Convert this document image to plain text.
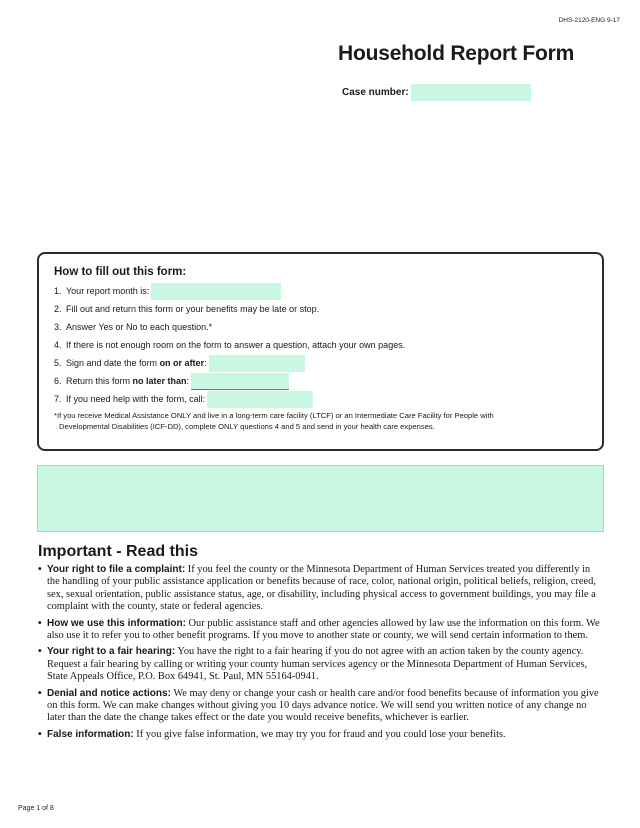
DHS-2120-ENG 9-17
Household Report Form
Case number:
How to fill out this form:
1. Your report month is:
2. Fill out and return this form or your benefits may be late or stop.
3. Answer Yes or No to each question.*
4. If there is not enough room on the form to answer a question, attach your own pages.
5. Sign and date the form on or after :
6. Return this form no later than :
7. If you need help with the form, call:
*If you receive Medical Assistance ONLY and live in a long-term care facility (LTCF) or an Intermediate Care Facility for People with
Developmental Disabilities (ICF-DD), complete ONLY questions 4 and 5 and send in your health care expenses.
Important - Read this
• Your right to file a complaint: If you feel the county or the Minnesota Department of Human Services treated you differently in the handling of your public assistance application or benefits because of race, color, national origin, political beliefs, religion, creed, sex, sexual orientation, public assistance status, age, or disability, including physical access to government buildings, you may file a complaint with the county, state or federal agencies.
• How we use this information: Our public assistance staff and other agencies allowed by law use the information on this form. We also use it to refer you to other benefit programs. If you move to another state or county, we will send certain information to them.
• Your right to a fair hearing: You have the right to a fair hearing if you do not agree with an action taken by the county agency. Request a fair hearing by calling or writing your county human services agency or the Minnesota Department of Human Services, State Appeals Office, P.O. Box 64941, St. Paul, MN 55164-0941.
• Denial and notice actions: We may deny or change your cash or health care and/or food benefits because of information you give on this form. We can make changes without giving you 10 days advance notice. We will send you written notice of any change no later than the date the change takes effect or the date you would receive benefits, whichever is earlier.
• False information: If you give false information, we may try you for fraud and you could lose your benefits.
Page 1 of 8
